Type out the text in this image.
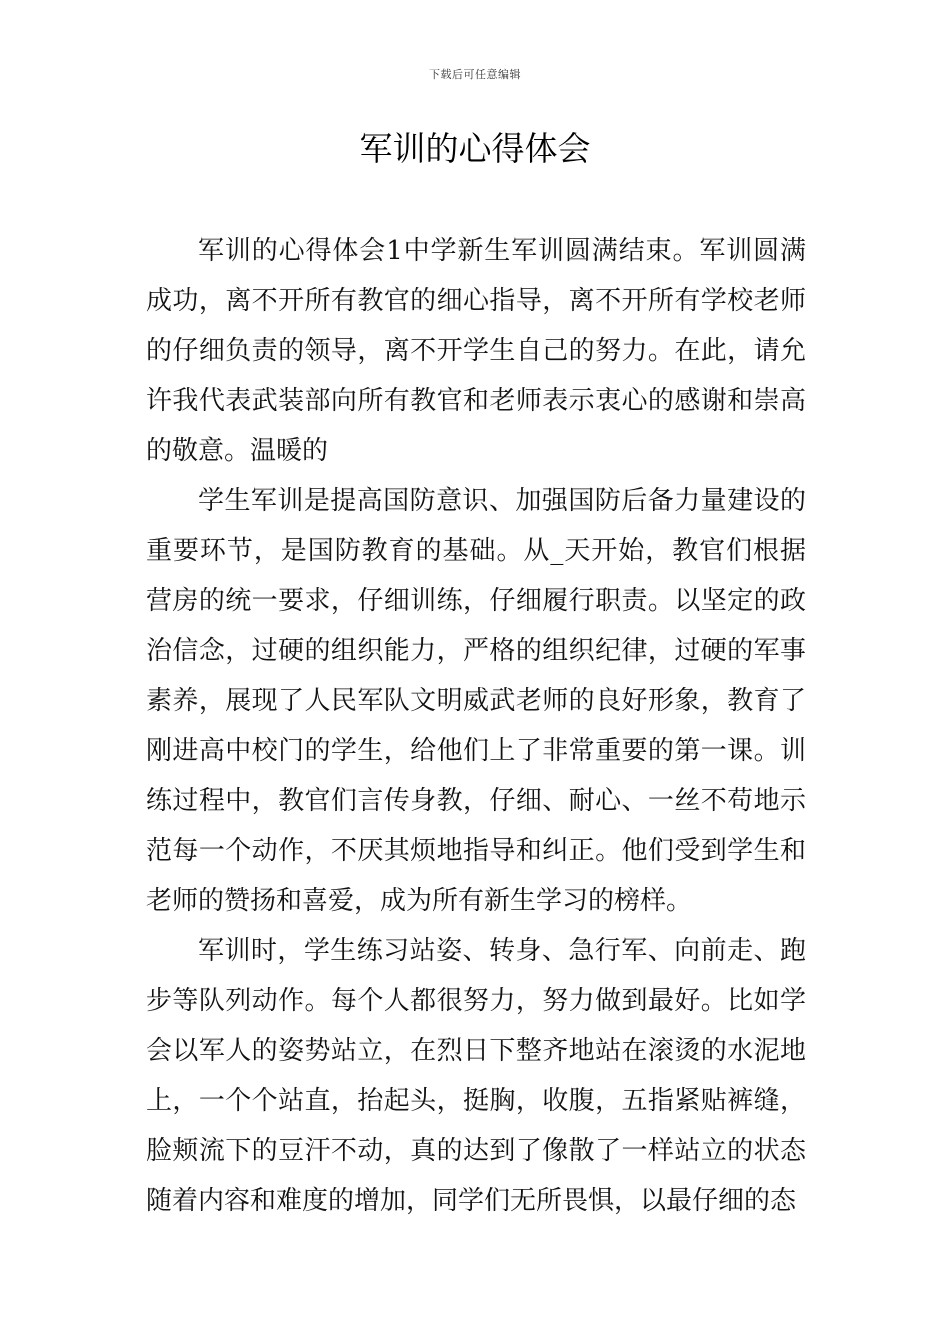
下载后可任意编辑
军训的心得体会

军训的心得体会1中学新生军训圆满结束。军训圆满成功，离不开所有教官的细心指导，离不开所有学校老师的仔细负责的领导，离不开学生自己的努力。在此，请允许我代表武装部向所有教官和老师表示衷心的感谢和崇高的敬意。温暖的

学生军训是提高国防意识、加强国防后备力量建设的重要环节，是国防教育的基础。从_天开始，教官们根据营房的统一要求，仔细训练，仔细履行职责。以坚定的政治信念，过硬的组织能力，严格的组织纪律，过硬的军事素养，展现了人民军队文明威武老师的良好形象，教育了刚进高中校门的学生，给他们上了非常重要的第一课。训练过程中，教官们言传身教，仔细、耐心、一丝不苟地示范每一个动作，不厌其烦地指导和纠正。他们受到学生和老师的赞扬和喜爱，成为所有新生学习的榜样。

军训时，学生练习站姿、转身、急行军、向前走、跑步等队列动作。每个人都很努力，努力做到最好。比如学会以军人的姿势站立，在烈日下整齐地站在滚烫的水泥地上，一个个站直，抬起头，挺胸，收腹，五指紧贴裤缝，脸颊流下的豆汗不动，真的达到了像散了一样站立的状态随着内容和难度的增加，同学们无所畏惧，以最仔细的态
